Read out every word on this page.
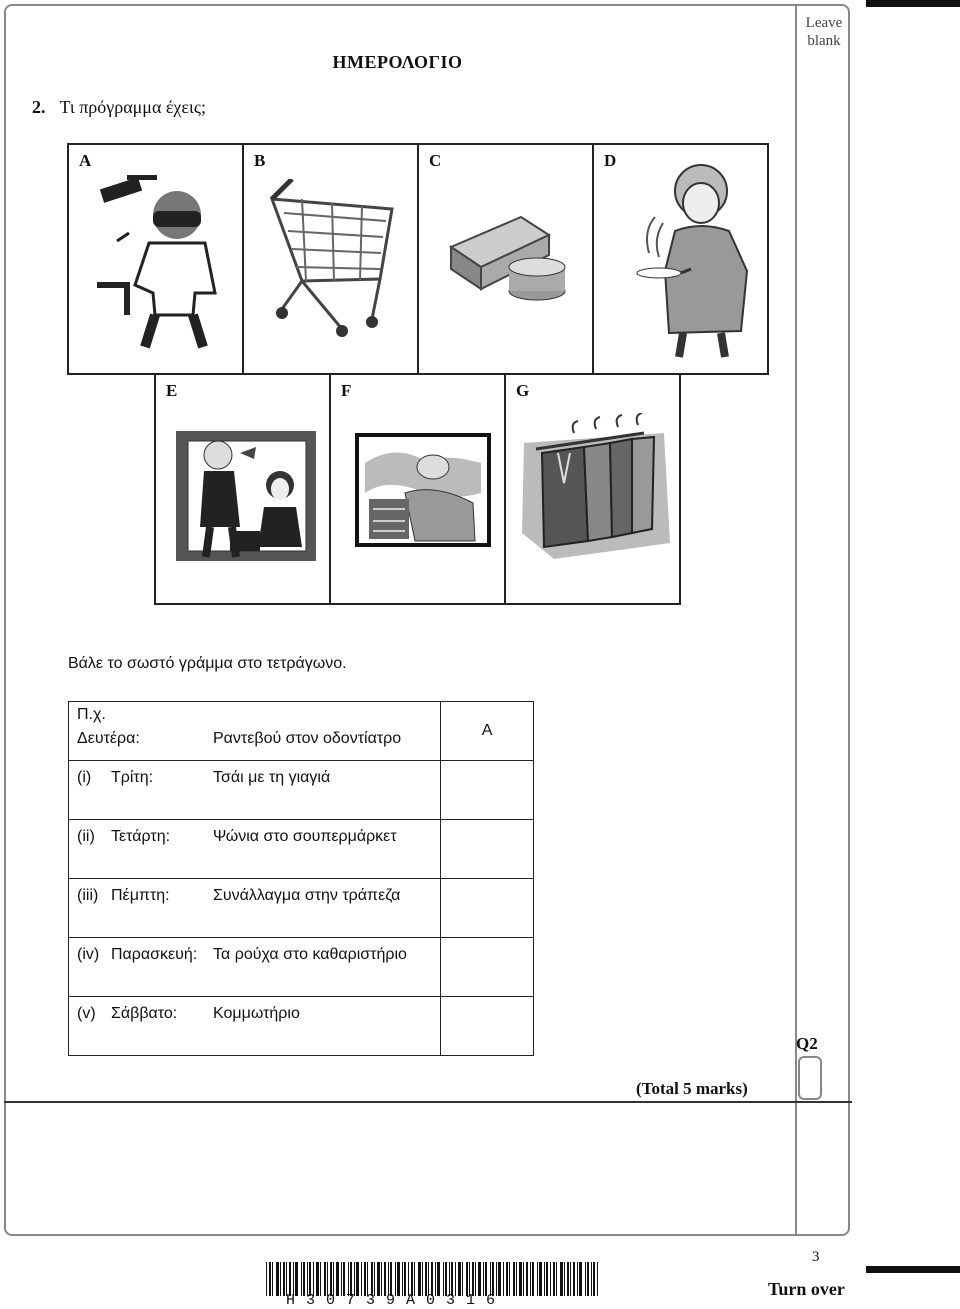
Leave
blank
ΗΜΕΡΟΛΟΓΙΟ
2. Τι πρόγραμμα έχεις;
A	B	C	D
E	F	G
Βάλε το σωστό γράμμα στο τετράγωνο.
Π.χ.
Δευτέρα: Ραντεβού στον οδοντίατρο	A

(i) Τρίτη: Τσάι με τη γιαγιά	

(ii) Τετάρτη: Ψώνια στο σουπερμάρκετ	

(iii) Πέμπτη: Συνάλλαγμα στην τράπεζα	

(iv) Παρασκευή: Τα ρούχα στο καθαριστήριο	

(v) Σάββατο: Κομμωτήριο	

Q2
(Total 5 marks)
3
Turn over
H30739A0316
